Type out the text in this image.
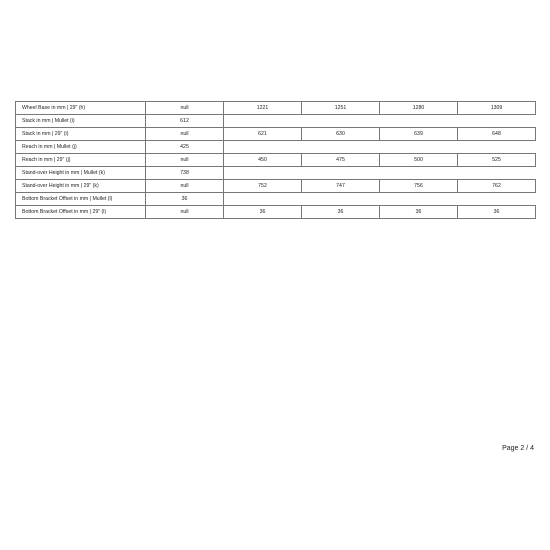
Wheel Base in mm | 29" (h)	null	1221	1251	1280	1309
Stack in mm | Mullet (i)	612				
Stack in mm | 29" (i)	null	621	630	639	648
Reach in mm | Mullet (j)	425				
Reach in mm | 29" (j)	null	450	475	500	525
Stand-over Height in mm | Mullet (k)	738				
Stand-over Height in mm | 29" (k)	null	752	747	756	762
Bottom Bracket Offset in mm | Mullet (l)	36				
Bottom Bracket Offset in mm | 29" (l)	null	36	36	36	36
Page 2 / 4
